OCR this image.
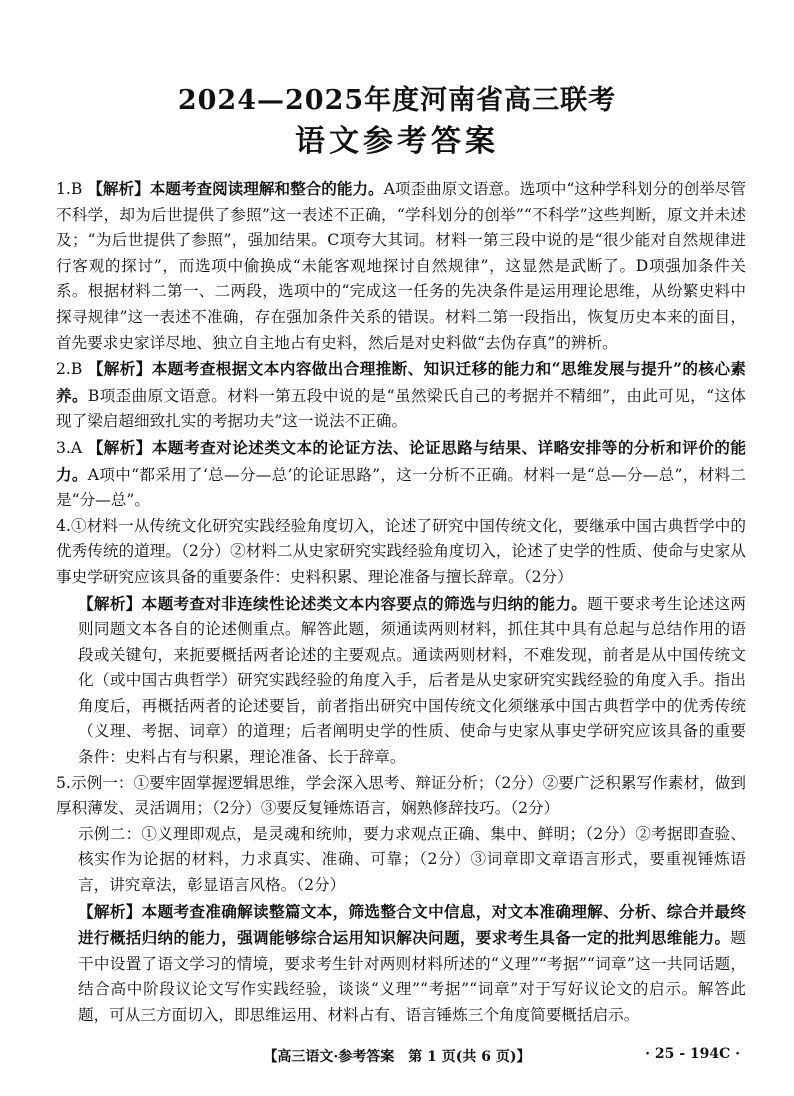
2024—2025年度河南省高三联考
语文参考答案

1.B 【解析】本题考查阅读理解和整合的能力。A项歪曲原文语意。选项中“这种学科划分的创举尽管不科学，却为后世提供了参照”这一表述不正确，“学科划分的创举”“不科学”这些判断，原文并未述及；“为后世提供了参照”，强加结果。C项夸大其词。材料一第三段中说的是“很少能对自然规律进行客观的探讨”，而选项中偷换成“未能客观地探讨自然规律”，这显然是武断了。D项强加条件关系。根据材料二第一、二两段，选项中的“完成这一任务的先决条件是运用理论思维，从纷繁史料中探寻规律”这一表述不准确，存在强加条件关系的错误。材料二第一段指出，恢复历史本来的面目，首先要求史家详尽地、独立自主地占有史料，然后是对史料做“去伪存真”的辨析。

2.B 【解析】本题考查根据文本内容做出合理推断、知识迁移的能力和“思维发展与提升”的核心素养。B项歪曲原文语意。材料一第五段中说的是“虽然梁氏自己的考据并不精细”，由此可见，“这体现了梁启超细致扎实的考据功夫”这一说法不正确。

3.A 【解析】本题考查对论述类文本的论证方法、论证思路与结果、详略安排等的分析和评价的能力。A项中“都采用了‘总—分—总’的论证思路”，这一分析不正确。材料一是“总—分—总”，材料二是“分—总”。

4.①材料一从传统文化研究实践经验角度切入，论述了研究中国传统文化，要继承中国古典哲学中的优秀传统的道理。（2分）②材料二从史家研究实践经验角度切入，论述了史学的性质、使命与史家从事史学研究应该具备的重要条件：史料积累、理论准备与擅长辞章。（2分）

【解析】本题考查对非连续性论述类文本内容要点的筛选与归纳的能力。题干要求考生论述这两则同题文本各自的论述侧重点。解答此题，须通读两则材料，抓住其中具有总起与总结作用的语段或关键句，来扼要概括两者论述的主要观点。通读两则材料，不难发现，前者是从中国传统文化（或中国古典哲学）研究实践经验的角度入手，后者是从史家研究实践经验的角度入手。指出角度后，再概括两者的论述要旨，前者指出研究中国传统文化须继承中国古典哲学中的优秀传统（义理、考据、词章）的道理；后者阐明史学的性质、使命与史家从事史学研究应该具备的重要条件：史料占有与积累，理论准备、长于辞章。

5.示例一：①要牢固掌握逻辑思维，学会深入思考、辩证分析；（2分）②要广泛积累写作素材，做到厚积薄发、灵活调用；（2分）③要反复锤炼语言，娴熟修辞技巧。（2分）

示例二：①义理即观点，是灵魂和统帅，要力求观点正确、集中、鲜明；（2分）②考据即查验、核实作为论据的材料，力求真实、准确、可靠；（2分）③词章即文章语言形式，要重视锤炼语言，讲究章法，彰显语言风格。（2分）

【解析】本题考查准确解读整篇文本，筛选整合文中信息，对文本准确理解、分析、综合并最终进行概括归纳的能力，强调能够综合运用知识解决问题，要求考生具备一定的批判思维能力。题干中设置了语文学习的情境，要求考生针对两则材料所述的“义理”“考据”“词章”这一共同话题，结合高中阶段议论文写作实践经验，谈谈“义理”“考据”“词章”对于写好议论文的启示。解答此题，可从三方面切入，即思维运用、材料占有、语言锤炼三个角度简要概括启示。

【高三语文·参考答案　第 1 页(共 6 页)】	· 25 - 194C ·
